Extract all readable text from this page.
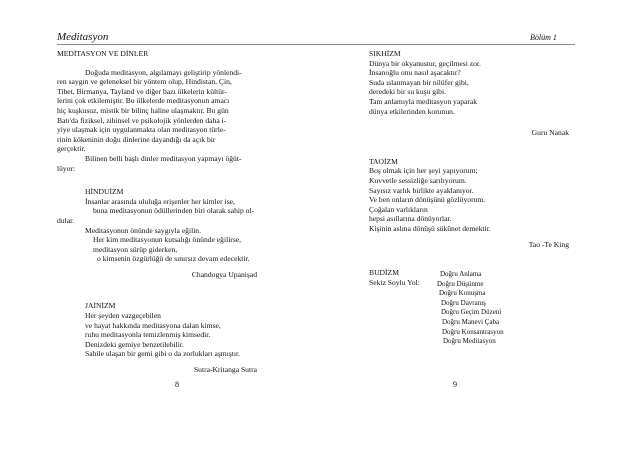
Meditasyon	Bölüm 1

MEDİTASYON VE DİNLER

Doğuda meditasyon, algılamayı geliştirip yönlendi-

ren saygın ve geleneksel bir yöntem olup, Hindistan, Çin,

Tibet, Birmanya, Tayland ve diğer bazı ülkelerin kültür-

lerini çok etkilemiştir. Bu ülkelerde meditasyonun amacı

hiç kuşkusuz, mistik bir bilinç haline ulaşmaktır. Bu gün

Batı'da fiziksel, zihinsel ve psikolojik yönlerden daha i-

yiye ulaşmak için uygulanmakta olan meditasyon türle-

rinin kökeninin doğu dinlerine dayandığı da açık bir

gerçektir.

Bilinen belli başlı dinler meditasyon yapmayı öğüt-

lüyor:

HİNDUİZM

İnsanlar arasında ululuğa erişenler her kimler ise,

buna meditasyonun ödüllerinden biri olarak sahip ol-

dular.

Meditasyonun önünde saygıyla eğilin.

Her kim meditasyonun kutsalığı önünde eğilirse,

meditasyon sürüp giderken,

o kimsenin özgürlüğü de sınırsız devam edecektir.

Chandogya Upanişad

JAİNİZM

Her şeyden vazgeçebilen

ve hayat hakkında meditasyona dalan kimse,

ruhu meditasyonla temizlenmiş kimsedir.

Denizdeki gemiye benzetilebilir.

Sahile ulaşan bir gemi gibi o da zorlukları aşmıştır.

Sutra-Kritanga Sutra

8

SIKHİZM

Dünya bir okyanustur, geçilmesi zor.

İnsanoğlu onu nasıl aşacaktır?

Suda ıslanmayan bir nilüfer gibi,

deredeki bir su kuşu gibi.

Tam anlamıyla meditasyon yaparak

dünya etkilerinden korunun.

Guru Nanak

TAOİZM

Boş olmak için her şeyi yapıyorum;

Kuvvetle sessizliğe sarılıyorum.

Sayısız varlık birlikte ayaklanıyor.

Ve ben onların dönüşünü gözlüyorum.

Çoğalan varlıkların

hepsi asıllarına dönüyorlar.

Kişinin aslına dönüşü sükûnet demektir.

Tao -Te King

BUDİZM

Sekiz Soylu Yol:

Doğru Anlama

Doğru Düşünme

Doğru Konuşma

Doğru Davranış

Doğru Geçim Düzeni

Doğru Manevi Çaba

Doğru Konsantrasyon

Doğru Meditasyon

9
